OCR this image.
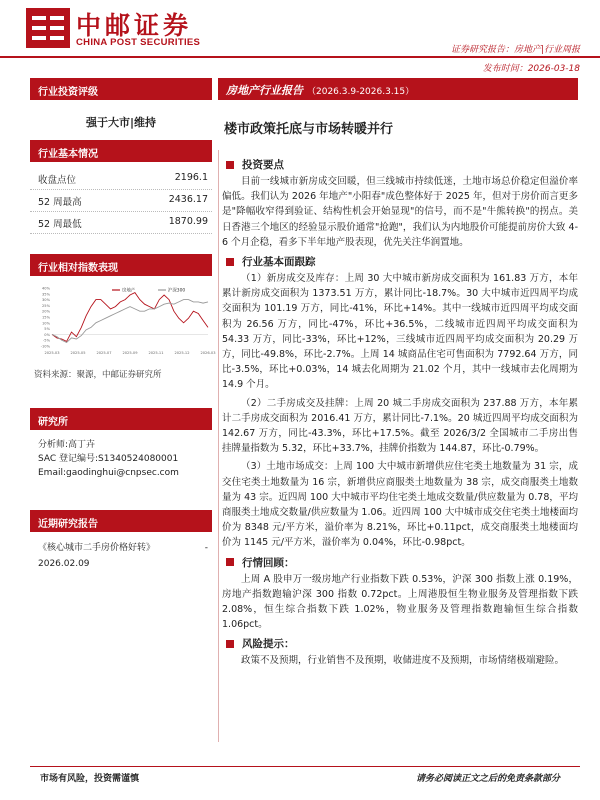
中邮证券
CHINA POST SECURITIES
证券研究报告：房地产|行业周报
发布时间：2026-03-18
行业投资评级
强于大市|维持
行业基本情况
收盘点位	2196.1
52 周最高	2436.17
52 周最低	1870.99
行业相对指数表现
40%
35%
30%
25%
20%
15%
10%
5%
0%
-5%
-10%
2025-03	2025-05	2025-07	2025-09	2025-11	2025-12	2026-03
房地产	沪深300
资料来源：聚源，中邮证券研究所
研究所
分析师:高丁卉
SAC 登记编号:S1340524080001
Email:gaodinghui@cnpsec.com
近期研究报告
《核心城市二手房价格好转》	-
2026.02.09
房地产行业报告 （2026.3.9-2026.3.15）
楼市政策托底与市场转暖并行
投资要点

目前一线城市新房成交回暖，但三线城市持续低迷，土地市场总价稳定但溢价率偏低。我们认为 2026 年地产"小阳春"成色整体好于 2025 年，但对于房价而言更多是"降幅收窄得到验证、结构性机会开始显现"的信号，而不是"牛熊转换"的拐点。美日香港三个地区的经验显示股价通常"抢跑"，我们认为内地股价可能提前房价大致 4-6 个月企稳，看多下半年地产股表现，优先关注华润置地。

行业基本面跟踪

（1）新房成交及库存：上周 30 大中城市新房成交面积为 161.83 万方，本年累计新房成交面积为 1373.51 万方，累计同比-18.7%。30 大中城市近四周平均成交面积为 101.19 万方，同比-41%，环比+14%。其中一线城市近四周平均成交面积为 26.56 万方，同比-47%，环比+36.5%，二线城市近四周平均成交面积为 54.33 万方，同比-33%，环比+12%，三线城市近四周平均成交面积为 20.29 万方，同比-49.8%，环比-2.7%。上周 14 城商品住宅可售面积为 7792.64 万方，同比-3.5%，环比+0.03%，14 城去化周期为 21.02 个月，其中一线城市去化周期为 14.9 个月。

（2）二手房成交及挂牌：上周 20 城二手房成交面积为 237.88 万方，本年累计二手房成交面积为 2016.41 万方，累计同比-7.1%。20 城近四周平均成交面积为 142.67 万方，同比-43.3%，环比+17.5%。截至 2026/3/2 全国城市二手房出售挂牌量指数为 5.32，环比+33.7%，挂牌价指数为 144.87，环比-0.79%。

（3）土地市场成交：上周 100 大中城市新增供应住宅类土地数量为 31 宗，成交住宅类土地数量为 16 宗，新增供应商服类土地数量为 38 宗，成交商服类土地数量为 43 宗。近四周 100 大中城市平均住宅类土地成交数量/供应数量为 0.78，平均商服类土地成交数量/供应数量为 1.06。近四周 100 大中城市成交住宅类土地楼面均价为 8348 元/平方米，溢价率为 8.21%，环比+0.11pct，成交商服类土地楼面均价为 1145 元/平方米，溢价率为 0.04%，环比-0.98pct。

行情回顾：

上周 A 股申万一级房地产行业指数下跌 0.53%，沪深 300 指数上涨 0.19%，房地产指数跑输沪深 300 指数 0.72pct。上周港股恒生物业服务及管理指数下跌 2.08%，恒生综合指数下跌 1.02%，物业服务及管理指数跑输恒生综合指数 1.06pct。

风险提示：

政策不及预期，行业销售不及预期，收储进度不及预期，市场情绪极端避险。

市场有风险，投资需谨慎	请务必阅读正文之后的免责条款部分
